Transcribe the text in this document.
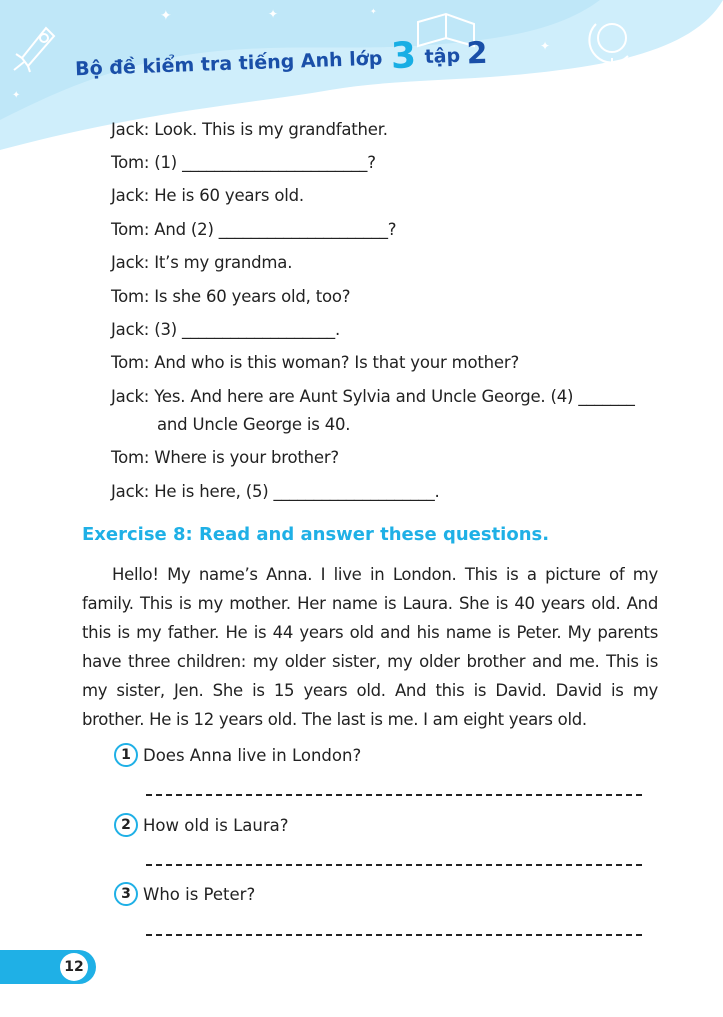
✦	✦
✦
✦
✦
✦
Bộ đề kiểm tra tiếng Anh lớp 3 tập 2
Jack: Look. This is my grandfather.
Tom: (1) _______________________?
Jack: He is 60 years old.
Tom: And (2) _____________________?
Jack: It’s my grandma.
Tom: Is she 60 years old, too?
Jack: (3) ___________________.
Tom: And who is this woman? Is that your mother?
Jack: Yes. And here are Aunt Sylvia and Uncle George. (4) _______
and Uncle George is 40.
Tom: Where is your brother?
Jack: He is here, (5) ____________________.
Exercise 8: Read and answer these questions.
Hello! My name’s Anna. I live in London. This is a picture of my family. This is my mother. Her name is Laura. She is 40 years old. And this is my father. He is 44 years old and his name is Peter. My parents have three children: my older sister, my older brother and me. This is my sister, Jen. She is 15 years old. And this is David. David is my brother. He is 12 years old. The last is me. I am eight years old.
1 Does Anna live in London?
2 How old is Laura?
3 Who is Peter?
12
